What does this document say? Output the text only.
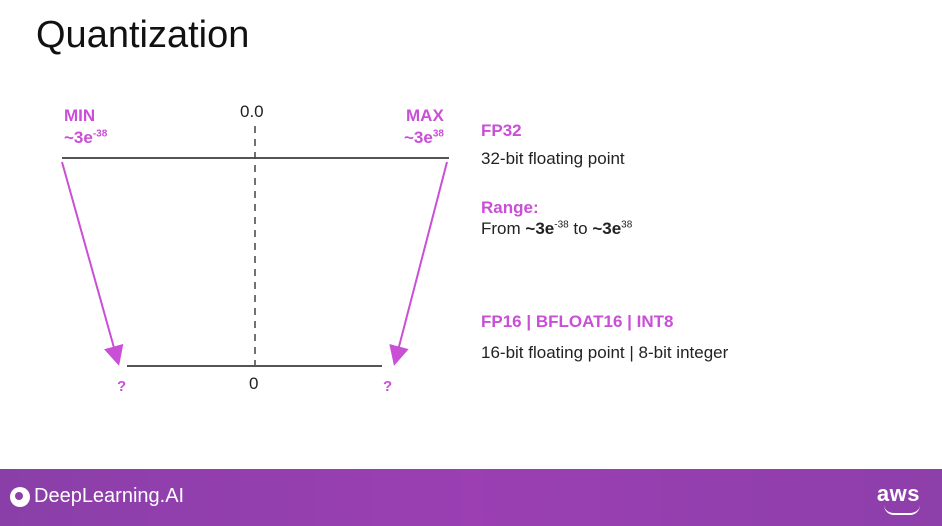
Quantization
MIN
$\sim 3e^{-38}$
0.0	MAX
$\sim 3e^{38}$
0
?	?
FP32
32-bit floating point
Range:
From $\sim 3e^{-38}$ to $\sim 3e^{38}$
FP16 | BFLOAT16 | INT8
16-bit floating point | 8-bit integer
DeepLearning.AI	aws
